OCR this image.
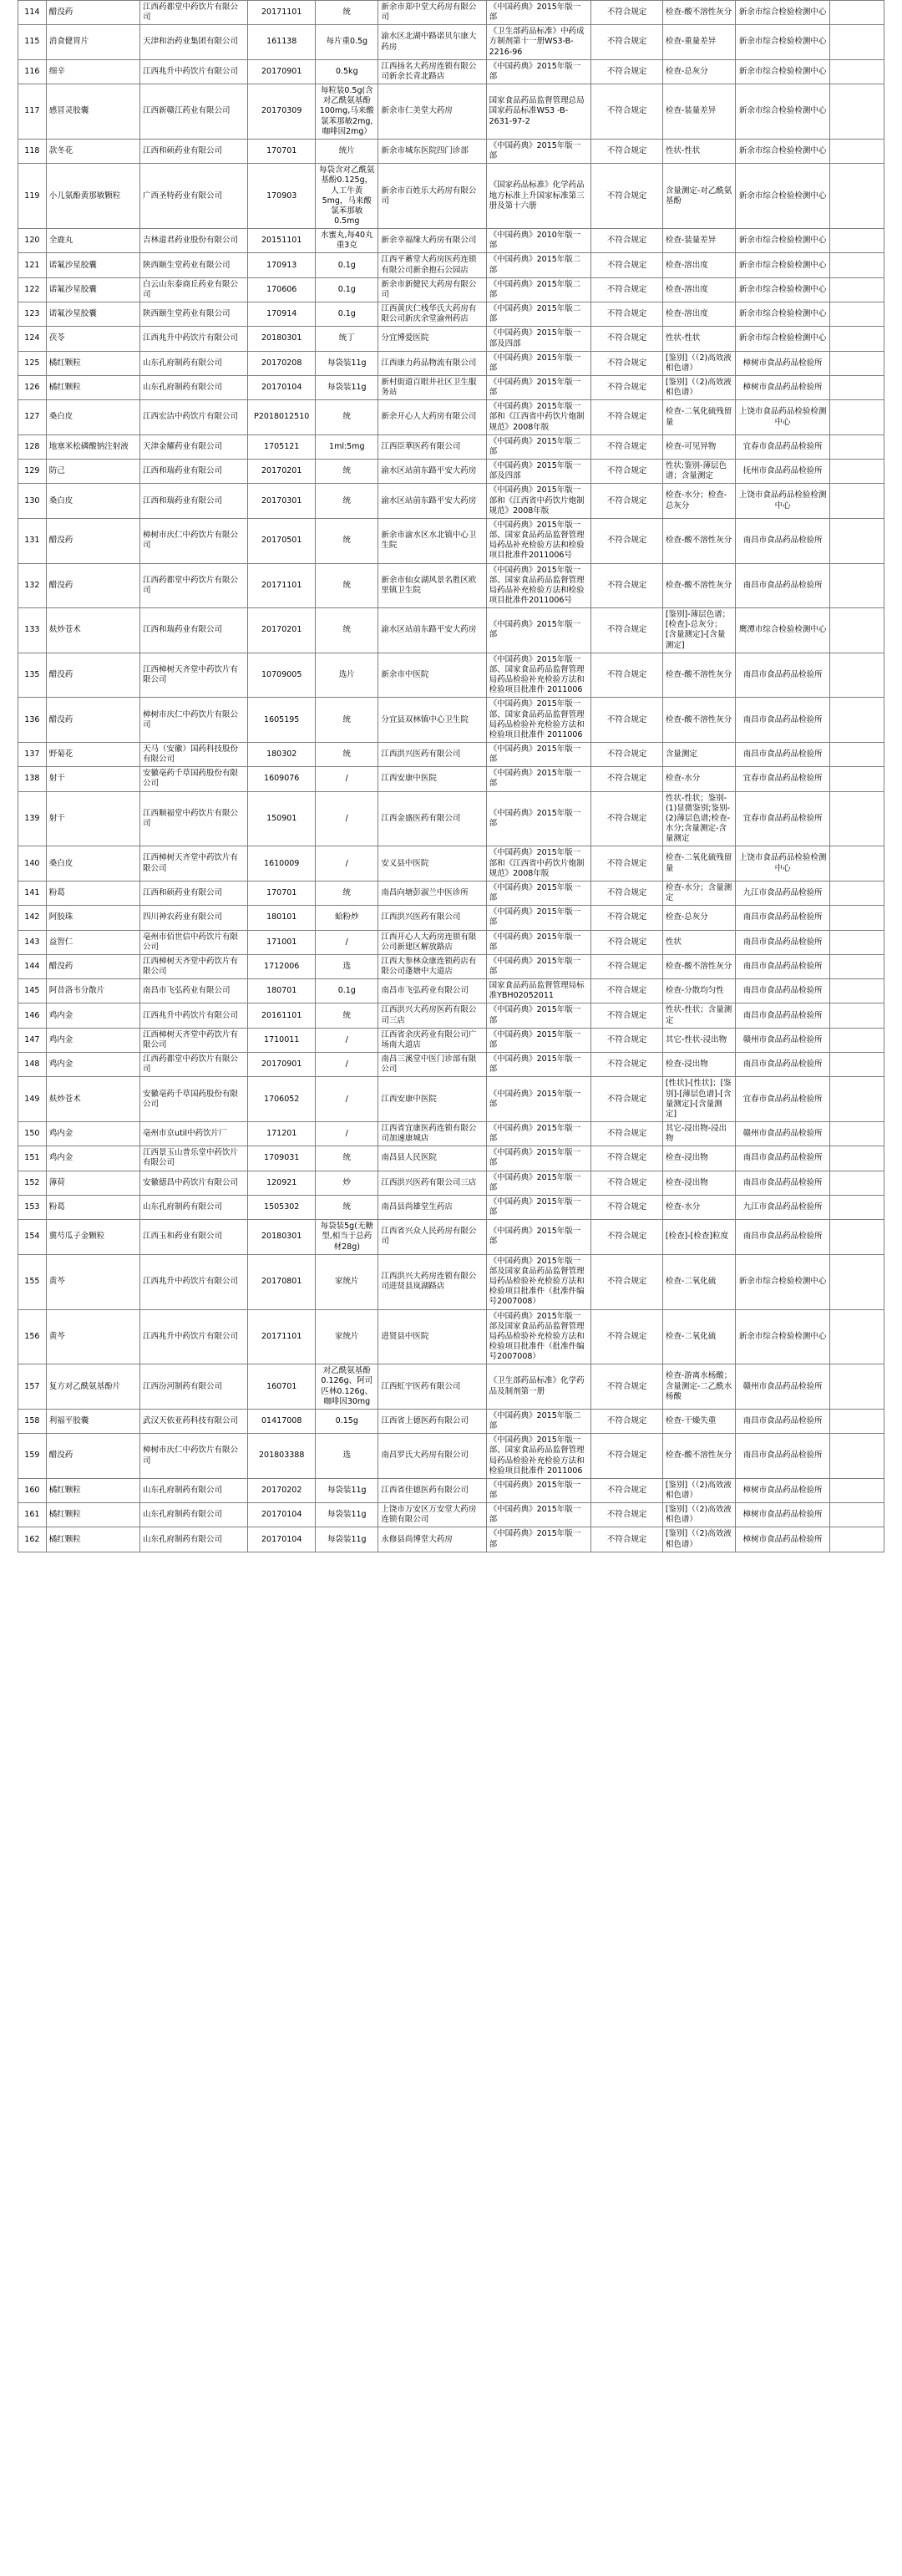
114	醋没药	江西药都堂中药饮片有限公司	20171101	统	新余市郑中堂大药房有限公司	《中国药典》2015年版一部	不符合规定	检查-酸不溶性灰分	新余市综合检验检测中心	
115	消食健胃片	天津和治药业集团有限公司	161138	每片重0.5g	渝水区北湖中路诺贝尔康大药房	《卫生部药品标准》中药成方制剂第十一册WS3-B-2216-96	不符合规定	检查-重量差异	新余市综合检验检测中心	
116	细辛	江西兆升中药饮片有限公司	20170901	0.5kg	江西扬名大药房连锁有限公司新余长青北路店	《中国药典》2015年版一部	不符合规定	检查-总灰分	新余市综合检验检测中心	
117	感冒灵胶囊	江西新赣江药业有限公司	20170309	每粒装0.5g(含对乙酰氨基酚100mg,马来酸氯苯那敏2mg,咖啡因2mg）	新余市仁美堂大药房	国家食品药品监督管理总局国家药品标准WS3 -B-2631-97-2	不符合规定	检查-装量差异	新余市综合检验检测中心	
118	款冬花	江西和硕药业有限公司	170701	统片	新余市城东医院四门诊部	《中国药典》2015年版一部	不符合规定	性状-性状	新余市综合检验检测中心	
119	小儿氨酚黄那敏颗粒	广西圣特药业有限公司	170903	每袋含对乙酰氨基酚0.125g，人工牛黄5mg，马来酸氯苯那敏0.5mg	新余市百姓乐大药房有限公司	《国家药品标准》化学药品地方标准上升国家标准第三册及第十六册	不符合规定	含量测定-对乙酰氨基酚	新余市综合检验检测中心	
120	全鹿丸	吉林道君药业股份有限公司	20151101	水蜜丸,每40丸重3克	新余幸福缘大药房有限公司	《中国药典》2010年版一部	不符合规定	检查-装量差异	新余市综合检验检测中心	
121	诺氟沙星胶囊	陕西颐生堂药业有限公司	170913	0.1g	江西平蓄堂大药房医药连锁有限公司新余抱石公园店	《中国药典》2015年版二部	不符合规定	检查-溶出度	新余市综合检验检测中心	
122	诺氟沙星胶囊	白云山东泰商丘药业有限公司	170606	0.1g	新余市新健民大药房有限公司	《中国药典》2015年版二部	不符合规定	检查-溶出度	新余市综合检验检测中心	
123	诺氟沙星胶囊	陕西颐生堂药业有限公司	170914	0.1g	江西黄庆仁栈华氏大药房有限公司新庆余堂渝州药店	《中国药典》2015年版二部	不符合规定	检查-溶出度	新余市综合检验检测中心	
124	茯苓	江西兆升中药饮片有限公司	20180301	统丁	分宜博爱医院	《中国药典》2015年版一部及四部	不符合规定	性状-性状	新余市综合检验检测中心	
125	橘红颗粒	山东孔府制药有限公司	20170208	每袋装11g	江西康力药品物流有限公司	《中国药典》2015年版一部	不符合规定	[鉴别]（（2)高效液相色谱）	樟树市食品药品检验所	
126	橘红颗粒	山东孔府制药有限公司	20170104	每袋装11g	新村街道百眼井社区卫生服务站	《中国药典》2015年版一部	不符合规定	[鉴别]（（2)高效液相色谱）	樟树市食品药品检验所	
127	桑白皮	江西宏洁中药饮片有限公司	P2018012510	统	新余开心人大药房有限公司	《中国药典》2015年版一部和《江西省中药饮片炮制规范》2008年版	不符合规定	检查-二氧化硫残留量	上饶市食品药品检验检测中心	
128	地塞米松磷酸钠注射液	天津金耀药业有限公司	1705121	1ml:5mg	江西臣華医药有限公司	《中国药典》2015年版二部	不符合规定	检查-可见异物	宜春市食品药品检验所	
129	防己	江西和瑞药业有限公司	20170201	统	渝水区站前东路平安大药房	《中国药典》2015年版一部及四部	不符合规定	性状:鉴别-薄层色谱；含量测定	抚州市食品药品检验所	
130	桑白皮	江西和瑞药业有限公司	20170301	统	渝水区站前东路平安大药房	《中国药典》2015年版一部和《江西省中药饮片炮制规范》2008年版	不符合规定	检查-水分；检查-总灰分	上饶市食品药品检验检测中心	
131	醋没药	樟树市庆仁中药饮片有限公司	20170501	统	新余市渝水区水北镇中心卫生院	《中国药典》2015年版一部、国家食品药品监督管理局药品补充检验方法和检验项目批准件2011006号	不符合规定	检查-酸不溶性灰分	南昌市食品药品检验所	
132	醋没药	江西药都堂中药饮片有限公司	20171101	统	新余市仙女湖风景名胜区欧里镇卫生院	《中国药典》2015年版一部、国家食品药品监督管理局药品补充检验方法和检验项目批准件2011006号	不符合规定	检查-酸不溶性灰分	南昌市食品药品检验所	
133	麸炒苍术	江西和瑞药业有限公司	20170201	统	渝水区站前东路平安大药房	《中国药典》2015年版一部	不符合规定	[鉴别]-薄层色谱；[检查]-总灰分；[含量测定]-[含量测定]	鹰潭市综合检验检测中心	
135	醋没药	江西樟树天齐堂中药饮片有限公司	10709005	选片	新余市中医院	《中国药典》2015年版一部、国家食品药品监督管理局药品检验补充检验方法和检验项目批准件 2011006	不符合规定	检查-酸不溶性灰分	南昌市食品药品检验所	
136	醋没药	樟树市庆仁中药饮片有限公司	1605195	统	分宜县双林镇中心卫生院	《中国药典》2015年版一部、国家食品药品监督管理局药品检验补充检验方法和检验项目批准件 2011006	不符合规定	检查-酸不溶性灰分	南昌市食品药品检验所	
137	野菊花	天马（安徽）国药科技股份有限公司	180302	统	江西洪兴医药有限公司	《中国药典》2015年版一部	不符合规定	含量测定	南昌市食品药品检验所	
138	射干	安徽亳药千草国药股份有限公司	1609076	/	江西安康中医院	《中国药典》2015年版一部	不符合规定	检查-水分	宜春市食品药品检验所	
139	射干	江西顺福堂中药饮片有限公司	150901	/	江西金盛医药有限公司	《中国药典》2015年版一部	不符合规定	性状-性状；鉴别-(1)显微鉴别;鉴别-(2)薄层色谱;检查-水分;含量测定-含量测定	宜春市食品药品检验所	
140	桑白皮	江西樟树天齐堂中药饮片有限公司	1610009	/	安义县中医院	《中国药典》2015年版一部和《江西省中药饮片炮制规范》2008年版	不符合规定	检查-二氧化硫残留量	上饶市食品药品检验检测中心	
141	粉葛	江西和硕药业有限公司	170701	统	南昌向塘彭淑兰中医诊所	《中国药典》2015年版一部	不符合规定	检查-水分；含量测定	九江市食品药品检验所	
142	阿胶珠	四川神农药业有限公司	180101	蛤粉炒	江西洪兴医药有限公司	《中国药典》2015年版一部	不符合规定	检查-总灰分	南昌市食品药品检验所	
143	益智仁	亳州市佰世信中药饮片有限公司	171001	/	江西开心人大药房连锁有限公司新建区解放路店	《中国药典》2015年版一部	不符合规定	性状	南昌市食品药品检验所	
144	醋没药	江西樟树天齐堂中药饮片有限公司	1712006	选	江西大参林众康连锁药店有限公司蓬塘中大道店	《中国药典》2015年版一部	不符合规定	检查-酸不溶性灰分	南昌市食品药品检验所	
145	阿昔洛韦分散片	南昌市飞弘药业有限公司	180701	0.1g	南昌市飞弘药业有限公司	国家食品药品监督管理局标准YBH02052011	不符合规定	检查-分散均匀性	南昌市食品药品检验所	
146	鸡内金	江西兆升中药饮片有限公司	20161101	统	江西洪兴大药房医药有限公司三店	《中国药典》2015年版一部	不符合规定	性状-性状；含量测定	南昌市食品药品检验所	
147	鸡内金	江西樟树天齐堂中药饮片有限公司	1710011	/	江西省余庆药业有限公司广场南大道店	《中国药典》2015年版一部	不符合规定	其它-性状-浸出物	赣州市食品药品检验所	
148	鸡内金	江西药都堂中药饮片有限公司	20170901	/	南昌三溪堂中医门诊部有限公司	《中国药典》2015年版一部	不符合规定	检查-浸出物	南昌市食品药品检验所	
149	麸炒苍术	安徽亳药千草国药股份有限公司	1706052	/	江西安康中医院	《中国药典》2015年版一部	不符合规定	[性状]-[性状]；[鉴别]-[薄层色谱]-[含量测定]-[含量测定]	宜春市食品药品检验所	
150	鸡内金	亳州市京util中药饮片厂	171201	/	江西省宜康医药连锁有限公司加速康城店	《中国药典》2015年版一部	不符合规定	其它-浸出物-浸出物	赣州市食品药品检验所	
151	鸡内金	江西景玉山普乐堂中药饮片有限公司	1709031	统	南昌县人民医院	《中国药典》2015年版一部	不符合规定	检查-浸出物	南昌市食品药品检验所	
152	薄荷	安徽德昌中药饮片有限公司	120921	炒	江西洪兴医药有限公司三店	《中国药典》2015年版一部	不符合规定	检查-浸出物	南昌市食品药品检验所	
153	粉葛	山东孔府制药有限公司	1505302	统	南昌县尚雄堂生药店	《中国药典》2015年版一部	不符合规定	检查-水分	九江市食品药品检验所	
154	冀芍瓜子金颗粒	江西玉和药业有限公司	20180301	每袋装5g(无糖型,相当于总药材28g)	江西省兴众人民药房有限公司	《中国药典》2015年版一部	不符合规定	[检查]-[检查]粒度	南昌市食品药品检验所	
155	黄芩	江西兆升中药饮片有限公司	20170801	家统片	江西洪兴大药房连锁有限公司进贤县岚湖路店	《中国药典》2015年版一部及国家食品药品监督管理局药品检验补充检验方法和检验项目批准件（批准件编号2007008）	不符合规定	检查-二氧化硫	新余市综合检验检测中心	
156	黄芩	江西兆升中药饮片有限公司	20171101	家统片	进贤县中医院	《中国药典》2015年版一部及国家食品药品监督管理局药品检验补充检验方法和检验项目批准件（批准件编号2007008）	不符合规定	检查-二氧化硫	新余市综合检验检测中心	
157	复方对乙酰氨基酚片	江西汾河制药有限公司	160701	对乙酰氨基酚0.126g、阿司匹林0.126g、咖啡因30mg	江西虹宇医药有限公司	《卫生部药品标准》化学药品及制剂第一册	不符合规定	检查-游离水杨酸；含量测定-二乙酰水杨酸	赣州市食品药品检验所	
158	利福平胶囊	武汉天依亚药科技有限公司	01417008	0.15g	江西省上德医药有限公司	《中国药典》2015年版二部	不符合规定	检查-干燥失重	南昌市食品药品检验所	
159	醋没药	樟树市庆仁中药饮片有限公司	201803388	选	南昌罗氏大药房有限公司	《中国药典》2015年版一部、国家食品药品监督管理局药品检验补充检验方法和检验项目批准件 2011006	不符合规定	检查-酸不溶性灰分	南昌市食品药品检验所	
160	橘红颗粒	山东孔府制药有限公司	20170202	每袋装11g	江西省佳德医药有限公司	《中国药典》2015年版一部	不符合规定	[鉴别]（（2)高效液相色谱）	樟树市食品药品检验所	
161	橘红颗粒	山东孔府制药有限公司	20170104	每袋装11g	上饶市万安区万安堂大药房连锁有限公司	《中国药典》2015年版一部	不符合规定	[鉴别]（（2)高效液相色谱）	樟树市食品药品检验所	
162	橘红颗粒	山东孔府制药有限公司	20170104	每袋装11g	永修县尚博堂大药房	《中国药典》2015年版一部	不符合规定	[鉴别]（（2)高效液相色谱）	樟树市食品药品检验所	
